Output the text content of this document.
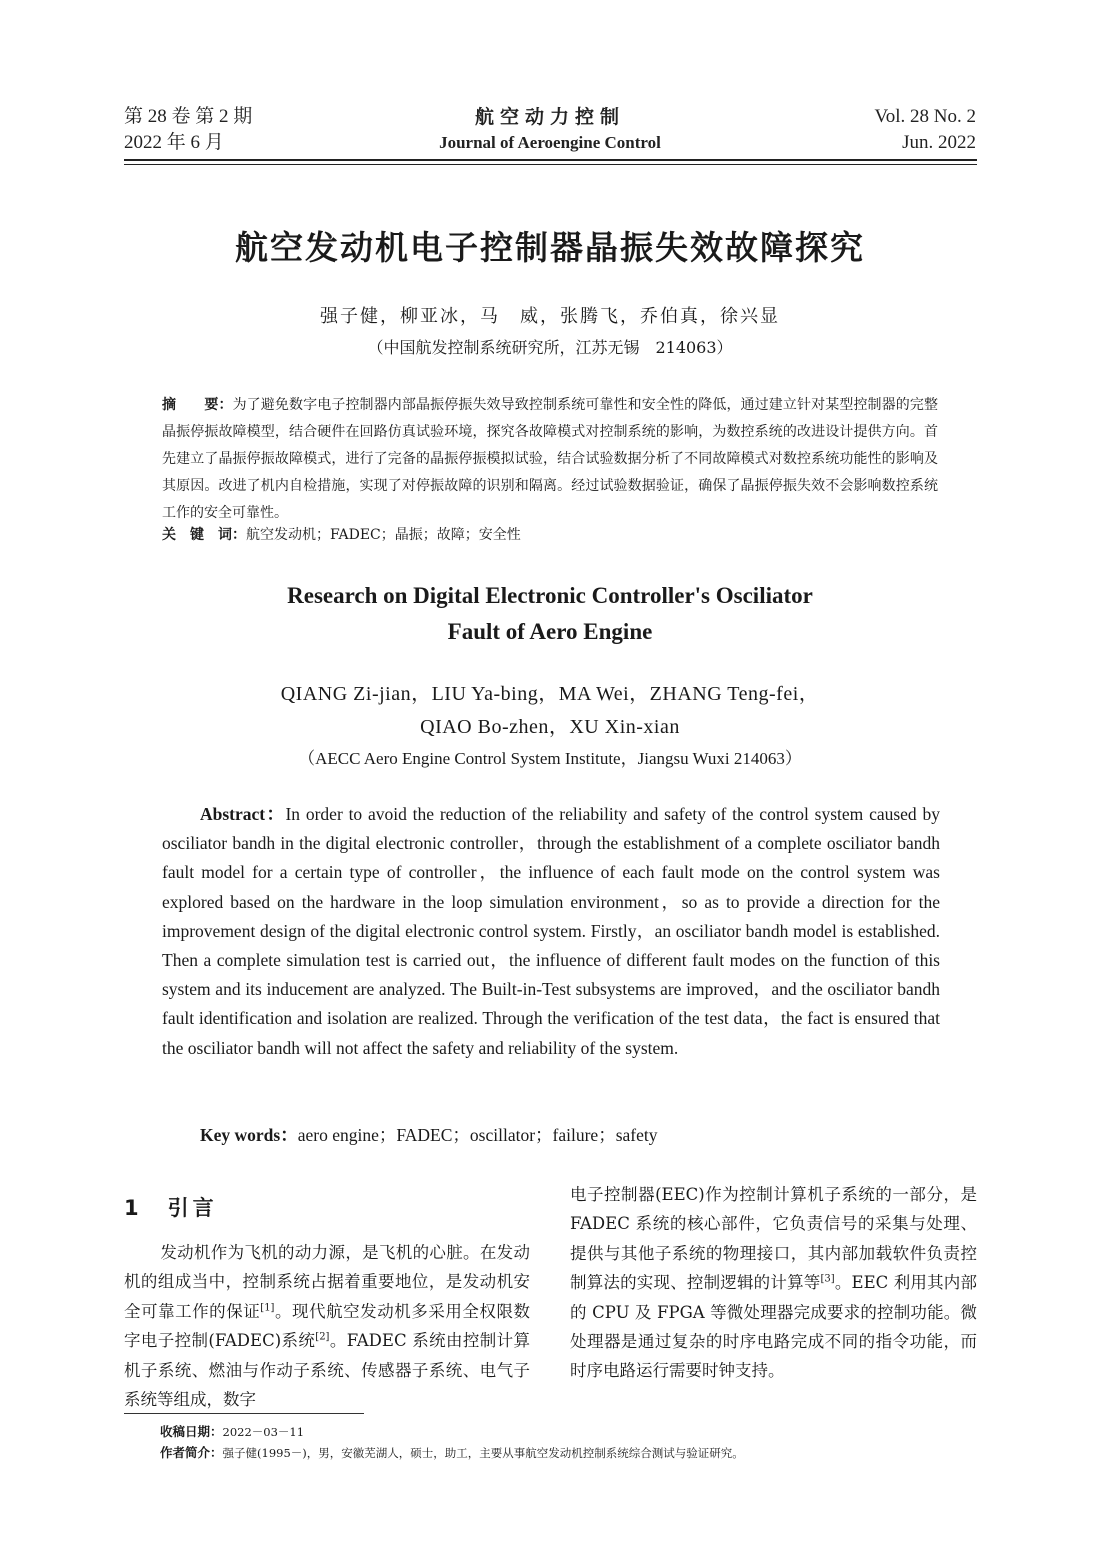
第 28 卷 第 2 期
2022 年 6 月
航空动力控制
Journal of Aeroengine Control
Vol. 28 No. 2
Jun. 2022
航空发动机电子控制器晶振失效故障探究
强子健，柳亚冰，马　威，张腾飞，乔伯真，徐兴显
（中国航发控制系统研究所，江苏无锡　214063）
摘　　要：为了避免数字电子控制器内部晶振停振失效导致控制系统可靠性和安全性的降低，通过建立针对某型控制器的完整晶振停振故障模型，结合硬件在回路仿真试验环境，探究各故障模式对控制系统的影响，为数控系统的改进设计提供方向。首先建立了晶振停振故障模式，进行了完备的晶振停振模拟试验，结合试验数据分析了不同故障模式对数控系统功能性的影响及其原因。改进了机内自检措施，实现了对停振故障的识别和隔离。经过试验数据验证，确保了晶振停振失效不会影响数控系统工作的安全可靠性。
关　键　词：航空发动机；FADEC；晶振；故障；安全性
Research on Digital Electronic Controller's Osciliator
Fault of Aero Engine
QIANG Zi-jian，LIU Ya-bing，MA Wei，ZHANG Teng-fei，
QIAO Bo-zhen，XU Xin-xian
（AECC Aero Engine Control System Institute，Jiangsu Wuxi 214063）
Abstract：In order to avoid the reduction of the reliability and safety of the control system caused by osciliator bandh in the digital electronic controller，through the establishment of a complete osciliator bandh fault model for a certain type of controller，the influence of each fault mode on the control system was explored based on the hardware in the loop simulation environment，so as to provide a direction for the improvement design of the digital electronic control system. Firstly，an osciliator bandh model is established. Then a complete simulation test is carried out，the influence of different fault modes on the function of this system and its inducement are analyzed. The Built-in-Test subsystems are improved，and the osciliator bandh fault identification and isolation are realized. Through the verification of the test data，the fact is ensured that the osciliator bandh will not affect the safety and reliability of the system.
Key words：aero engine；FADEC；oscillator；failure；safety
1　引言
发动机作为飞机的动力源，是飞机的心脏。在发动机的组成当中，控制系统占据着重要地位，是发动机安全可靠工作的保证[1]。现代航空发动机多采用全权限数字电子控制(FADEC)系统[2]。FADEC 系统由控制计算机子系统、燃油与作动子系统、传感器子系统、电气子系统等组成，数字
电子控制器(EEC)作为控制计算机子系统的一部分，是 FADEC 系统的核心部件，它负责信号的采集与处理、提供与其他子系统的物理接口，其内部加载软件负责控制算法的实现、控制逻辑的计算等[3]。EEC 利用其内部的 CPU 及 FPGA 等微处理器完成要求的控制功能。微处理器是通过复杂的时序电路完成不同的指令功能，而时序电路运行需要时钟支持。
收稿日期：2022－03－11
作者简介：强子健(1995－)，男，安徽芜湖人，硕士，助工，主要从事航空发动机控制系统综合测试与验证研究。
